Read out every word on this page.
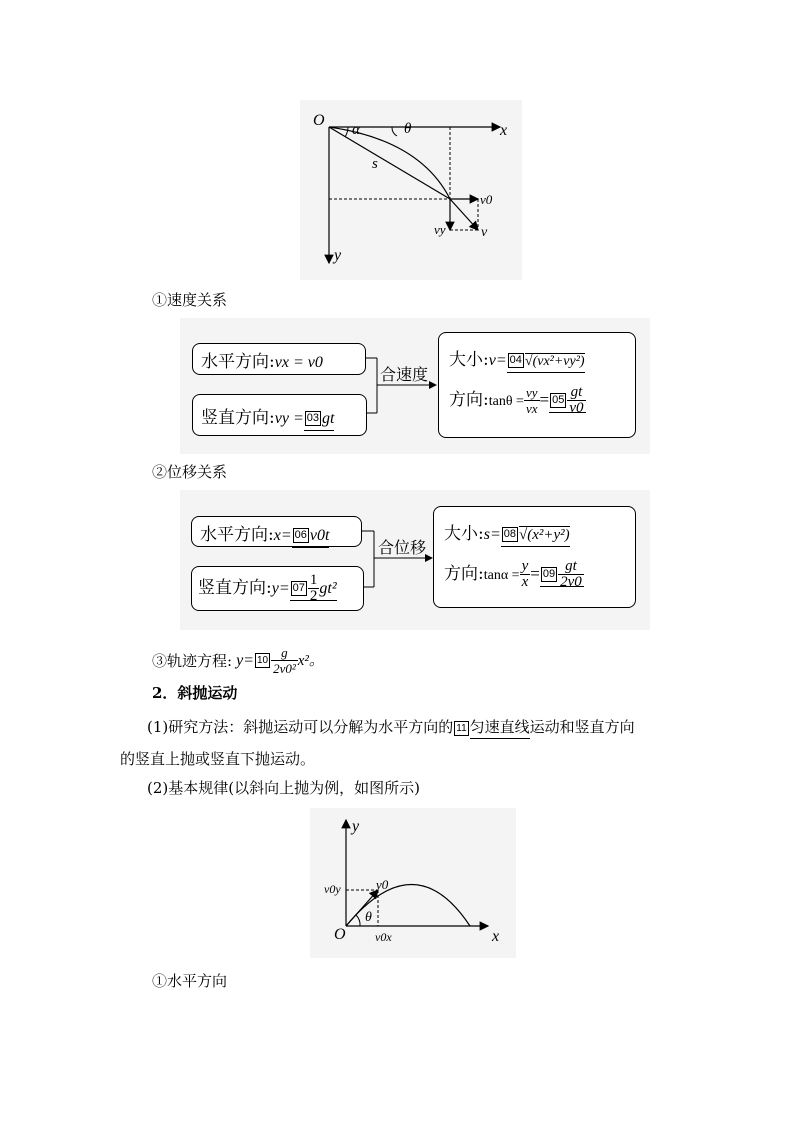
O
x
y
α	θ
s
v0
vy	v
①速度关系
水平方向:vx = v0
竖直方向:vy = 03 gt
合速度
大小:v= 04 √(vx²+vy²)
方向:tanθ = $\frac{vy}{vx} = 05 \frac{gt}{v0}$
②位移关系
水平方向:x= 06 v0t
竖直方向:y= $07 \frac{1}{2} gt^2$
合位移
大小:s= 08 √(x²+y²)
方向:tanα = $\frac{y}{x} = 09 \frac{gt}{2v0}$
③轨迹方程: $y= 10 \frac{g}{\text{2v0²}} x^2$。
2．斜抛运动
(1)研究方法：斜抛运动可以分解为水平方向的 11 匀速直线运动和竖直方向
的竖直上抛或竖直下抛运动。
(2)基本规律(以斜向上抛为例，如图所示)
O	x
y
θ
v0
v0y
v0x
①水平方向
